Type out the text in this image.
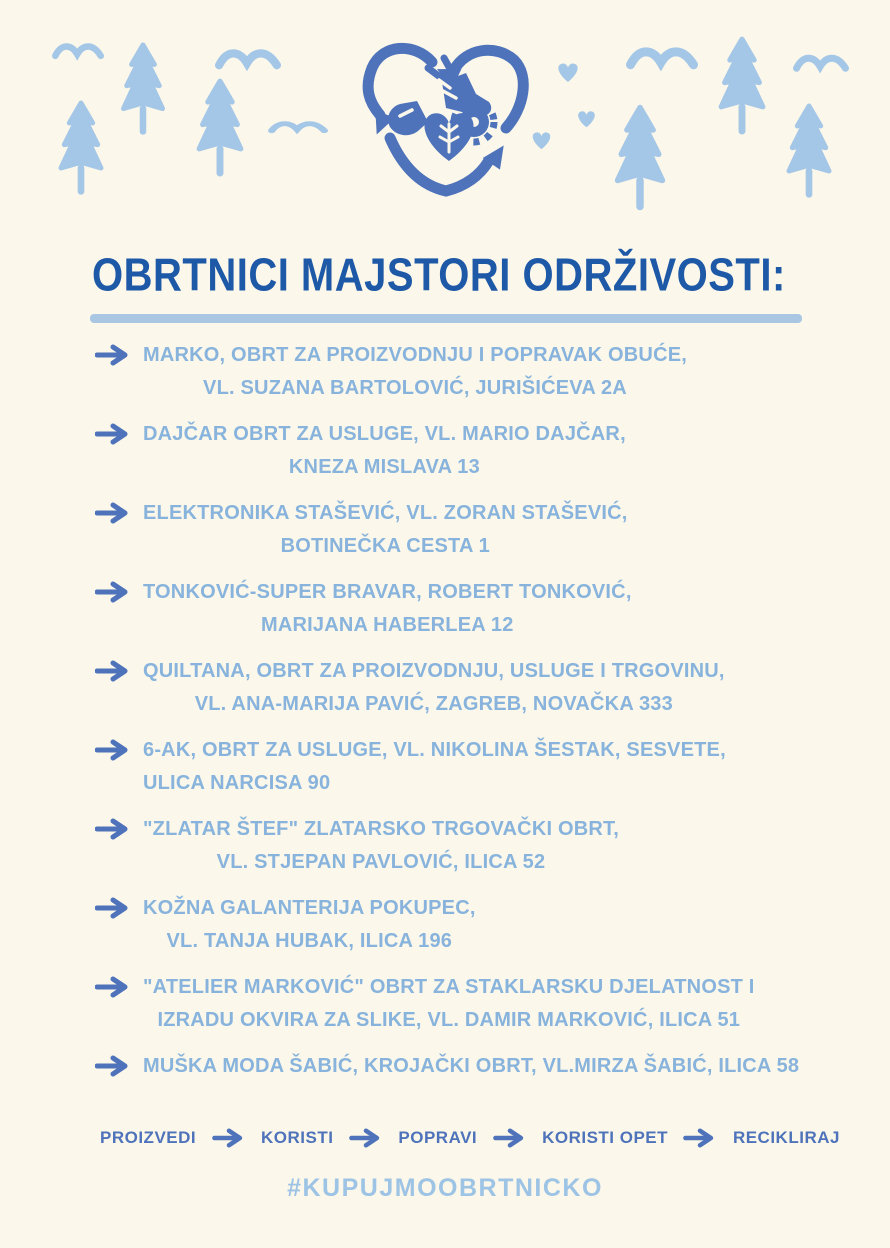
OBRTNICI MAJSTORI ODRŽIVOSTI:
MARKO, OBRT ZA PROIZVODNJU I POPRAVAK OBUĆE,
VL. SUZANA BARTOLOVIĆ, JURIŠIĆEVA 2A
DAJČAR OBRT ZA USLUGE, VL. MARIO DAJČAR,
KNEZA MISLAVA 13
ELEKTRONIKA STAŠEVIĆ, VL. ZORAN STAŠEVIĆ,
BOTINEČKA CESTA 1
TONKOVIĆ-SUPER BRAVAR, ROBERT TONKOVIĆ,
MARIJANA HABERLEA 12
QUILTANA, OBRT ZA PROIZVODNJU, USLUGE I TRGOVINU,
VL. ANA-MARIJA PAVIĆ, ZAGREB, NOVAČKA 333
6-AK, OBRT ZA USLUGE, VL. NIKOLINA ŠESTAK, SESVETE,
ULICA NARCISA 90
"ZLATAR ŠTEF" ZLATARSKO TRGOVAČKI OBRT,
VL. STJEPAN PAVLOVIĆ, ILICA 52
KOŽNA GALANTERIJA POKUPEC,
VL. TANJA HUBAK, ILICA 196
"ATELIER MARKOVIĆ" OBRT ZA STAKLARSKU DJELATNOST I
IZRADU OKVIRA ZA SLIKE, VL. DAMIR MARKOVIĆ, ILICA 51
MUŠKA MODA ŠABIĆ, KROJAČKI OBRT, VL.MIRZA ŠABIĆ, ILICA 58
PROIZVEDI	KORISTI	POPRAVI	KORISTI OPET	RECIKLIRAJ
#KUPUJMOOBRTNICKO
